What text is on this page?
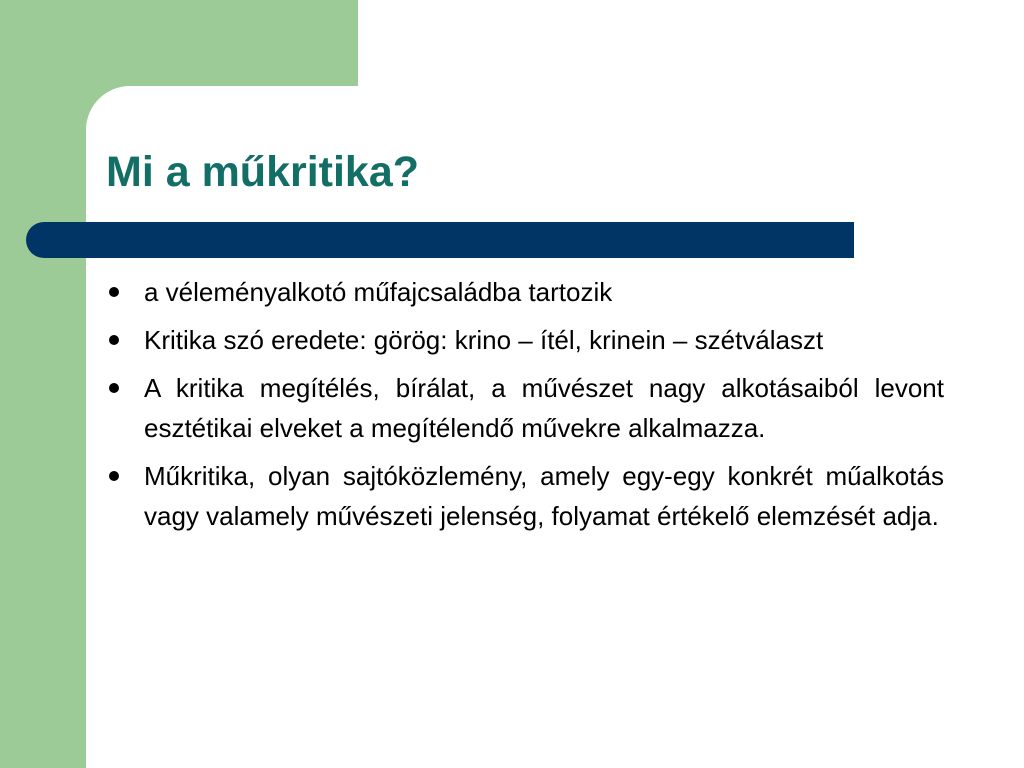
Mi a műkritika?
a véleményalkotó műfajcsaládba tartozik
Kritika szó eredete: görög: krino – ítél, krinein – szétválaszt
A kritika megítélés, bírálat, a művészet nagy alkotásaiból levont esztétikai elveket a megítélendő művekre alkalmazza.
Műkritika, olyan sajtóközlemény, amely egy-egy konkrét műalkotás vagy valamely művészeti jelenség, folyamat értékelő elemzését adja.
